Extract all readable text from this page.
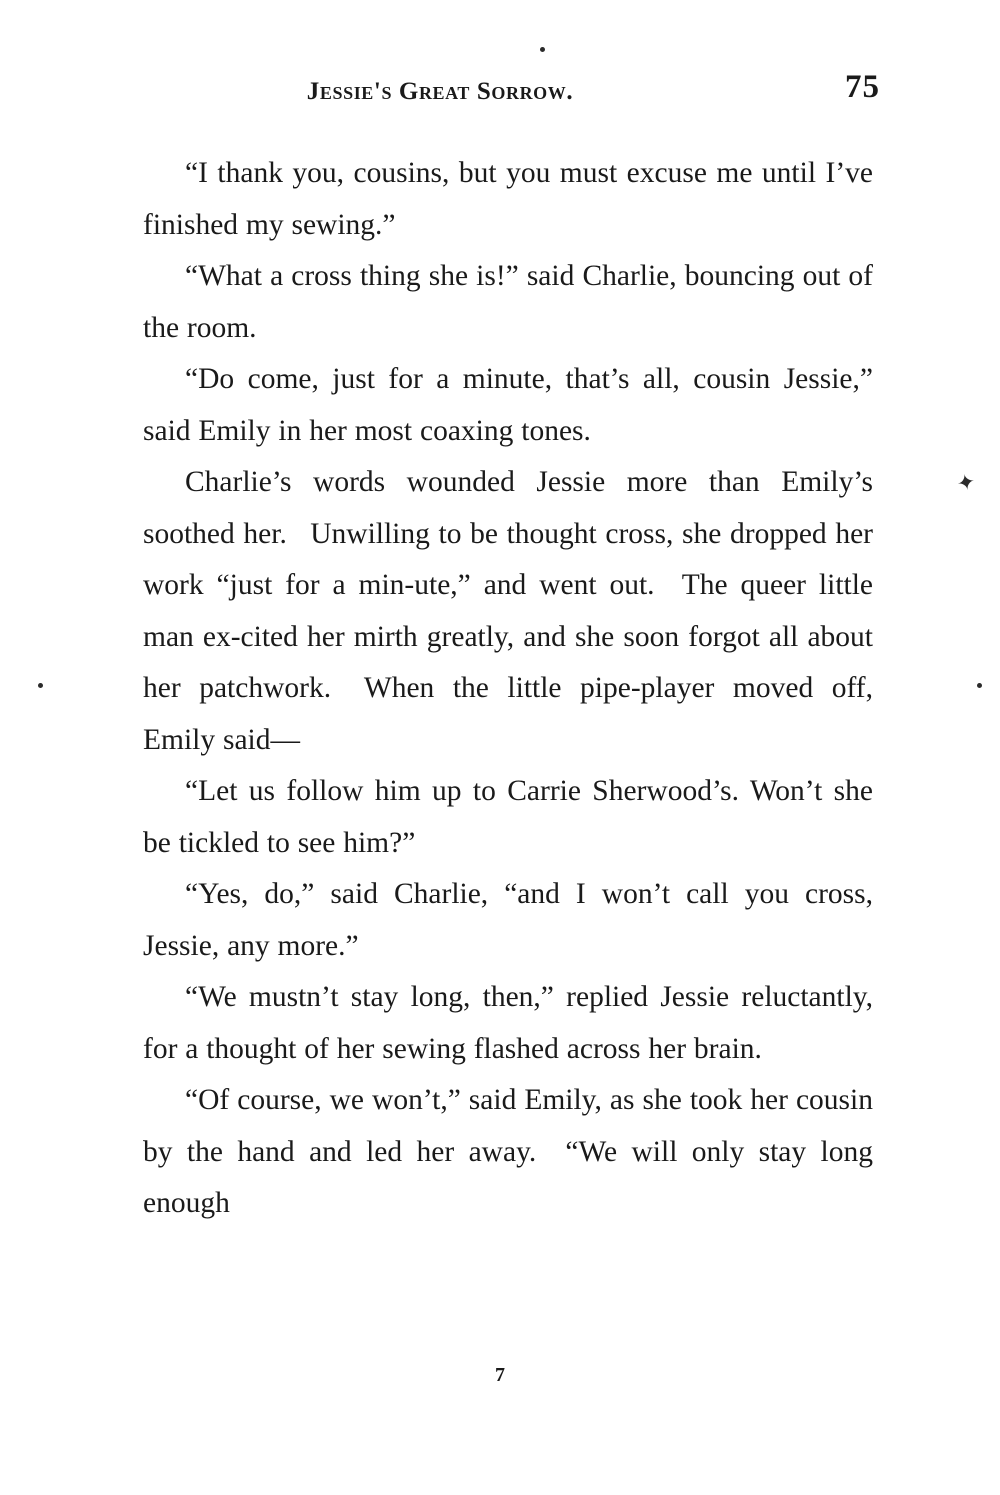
Jessie's Great Sorrow.	75
✦

“I thank you, cousins, but you must excuse me until I’ve finished my sewing.”

“What a cross thing she is!” said Charlie, bouncing out of the room.

“Do come, just for a minute, that’s all, cousin Jessie,” said Emily in her most coaxing tones.

Charlie’s words wounded Jessie more than Emily’s soothed her.  Unwilling to be thought cross, she dropped her work “just for a min-ute,” and went out.  The queer little man ex-cited her mirth greatly, and she soon forgot all about her patchwork.  When the little pipe-player moved off, Emily said—

“Let us follow him up to Carrie Sherwood’s. Won’t she be tickled to see him?”

“Yes, do,” said Charlie, “and I won’t call you cross, Jessie, any more.”

“We mustn’t stay long, then,” replied Jessie reluctantly, for a thought of her sewing flashed across her brain.

“Of course, we won’t,” said Emily, as she took her cousin by the hand and led her away.  “We will only stay long enough

7
